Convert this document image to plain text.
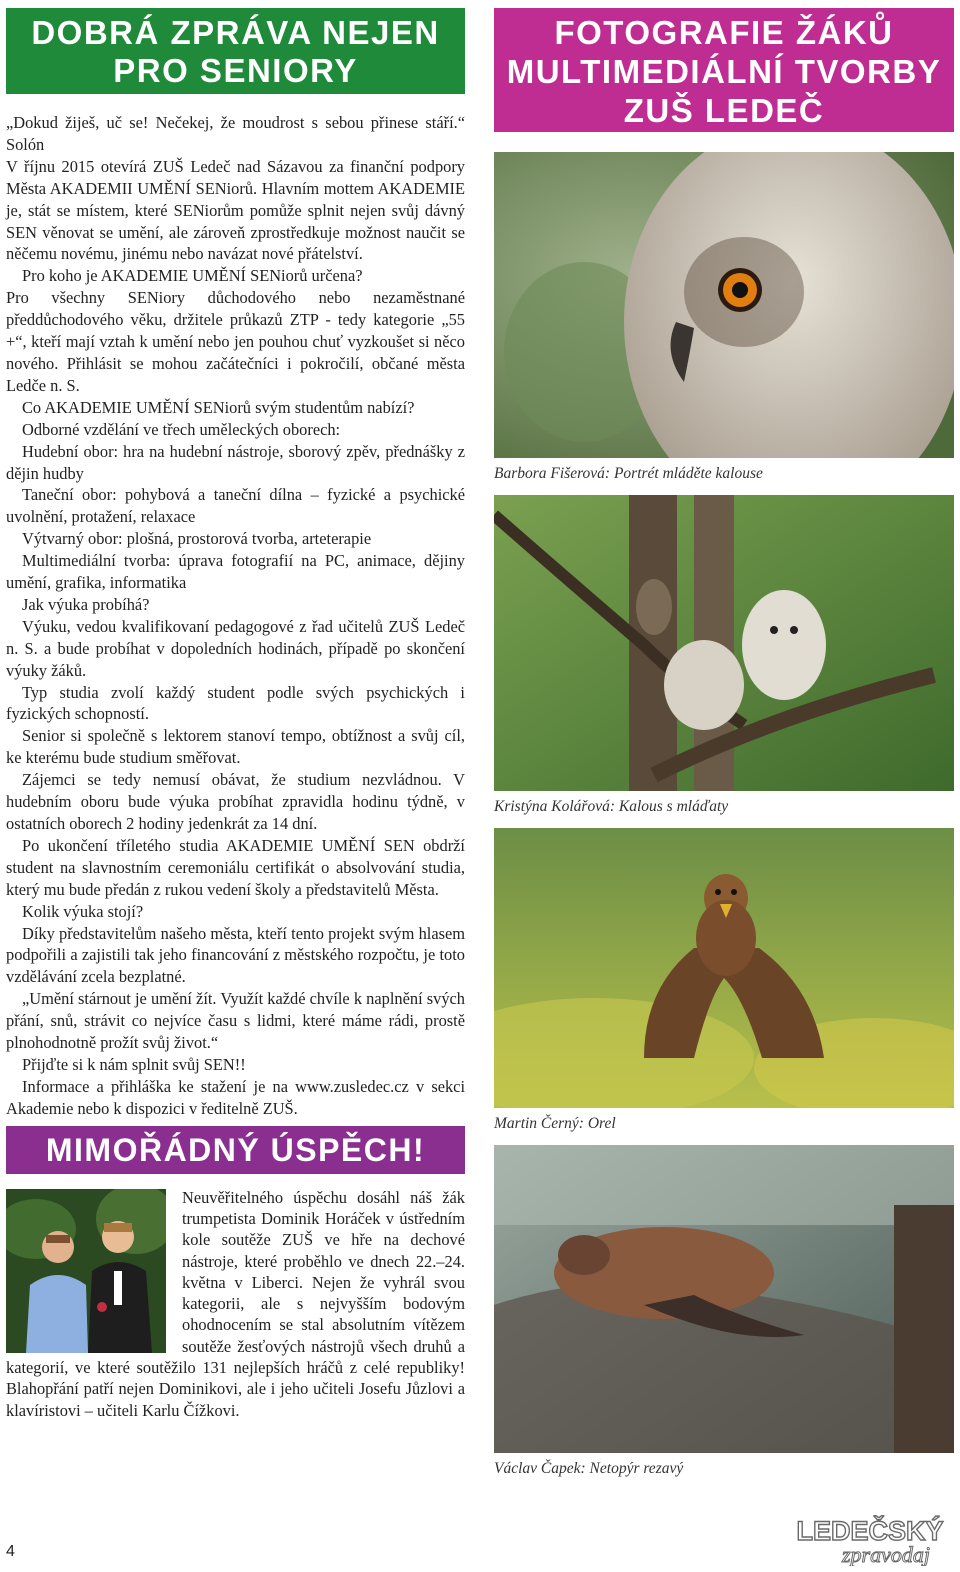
DOBRÁ ZPRÁVA NEJEN PRO SENIORY

„Dokud žiješ, uč se! Nečekej, že moudrost s sebou přinese stáří.“ Solón

V říjnu 2015 otevírá ZUŠ Ledeč nad Sázavou za finanční podpory Města AKADEMII UMĚNÍ SENiorů. Hlavním mottem AKADEMIE je, stát se místem, které SENiorům pomůže splnit nejen svůj dávný SEN věnovat se umění, ale zároveň zprostředkuje možnost naučit se něčemu novému, jinému nebo navázat nové přátelství.

Pro koho je AKADEMIE UMĚNÍ SENiorů určena?

Pro všechny SENiory důchodového nebo nezaměstnané předdůchodového věku, držitele průkazů ZTP - tedy kategorie „55 +“, kteří mají vztah k umění nebo jen pouhou chuť vyzkoušet si něco nového. Přihlásit se mohou začátečníci i pokročilí, občané města Ledče n. S.

Co AKADEMIE UMĚNÍ SENiorů svým studentům nabízí?

Odborné vzdělání ve třech uměleckých oborech:

Hudební obor: hra na hudební nástroje, sborový zpěv, přednášky z dějin hudby

Taneční obor: pohybová a taneční dílna – fyzické a psychické uvolnění, protažení, relaxace

Výtvarný obor: plošná, prostorová tvorba, arteterapie

Multimediální tvorba: úprava fotografií na PC, animace, dějiny umění, grafika, informatika

Jak výuka probíhá?

Výuku, vedou kvalifikovaní pedagogové z řad učitelů ZUŠ Ledeč n. S. a bude probíhat v dopoledních hodinách, případě po skončení výuky žáků.

Typ studia zvolí každý student podle svých psychických i fyzických schopností.

Senior si společně s lektorem stanoví tempo, obtížnost a svůj cíl, ke kterému bude studium směřovat.

Zájemci se tedy nemusí obávat, že studium nezvládnou. V hudebním oboru bude výuka probíhat zpravidla hodinu týdně, v ostatních oborech 2 hodiny jedenkrát za 14 dní.

Po ukončení tříletého studia AKADEMIE UMĚNÍ SEN obdrží student na slavnostním ceremoniálu certifikát o absolvování studia, který mu bude předán z rukou vedení školy a představitelů Města.

Kolik výuka stojí?

Díky představitelům našeho města, kteří tento projekt svým hlasem podpořili a zajistili tak jeho financování z městského rozpočtu, je toto vzdělávání zcela bezplatné.

„Umění stárnout je umění žít. Využít každé chvíle k naplnění svých přání, snů, strávit co nejvíce času s lidmi, které máme rádi, prostě plnohodnotně prožít svůj život.“

Přijďte si k nám splnit svůj SEN!!

Informace a přihláška ke stažení je na www.zusledec.cz v sekci Akademie nebo k dispozici v ředitelně ZUŠ.

MIMOŘÁDNÝ ÚSPĚCH!
Neuvěřitelného úspěchu dosáhl náš žák trumpetista Dominik Horáček v ústředním kole soutěže ZUŠ ve hře na dechové nástroje, které proběhlo ve dnech 22.–24. května v Liberci. Nejen že vyhrál svou kategorii, ale s nejvyšším bodovým ohodnocením se stal absolutním vítězem soutěže žesťových nástrojů všech druhů a kategorií, ve které soutěžilo 131 nejlepších hráčů z celé republiky! Blahopřání patří nejen Dominikovi, ale i jeho učiteli Josefu Jůzlovi a klavíristovi – učiteli Karlu Čížkovi.
FOTOGRAFIE ŽÁKŮ MULTIMEDIÁLNÍ TVORBY ZUŠ LEDEČ
Barbora Fišerová: Portrét mláděte kalouse
Kristýna Kolářová: Kalous s mláďaty
Martin Černý: Orel
Václav Čapek: Netopýr rezavý
4
LEDEČSKÝ
zpravodaj
